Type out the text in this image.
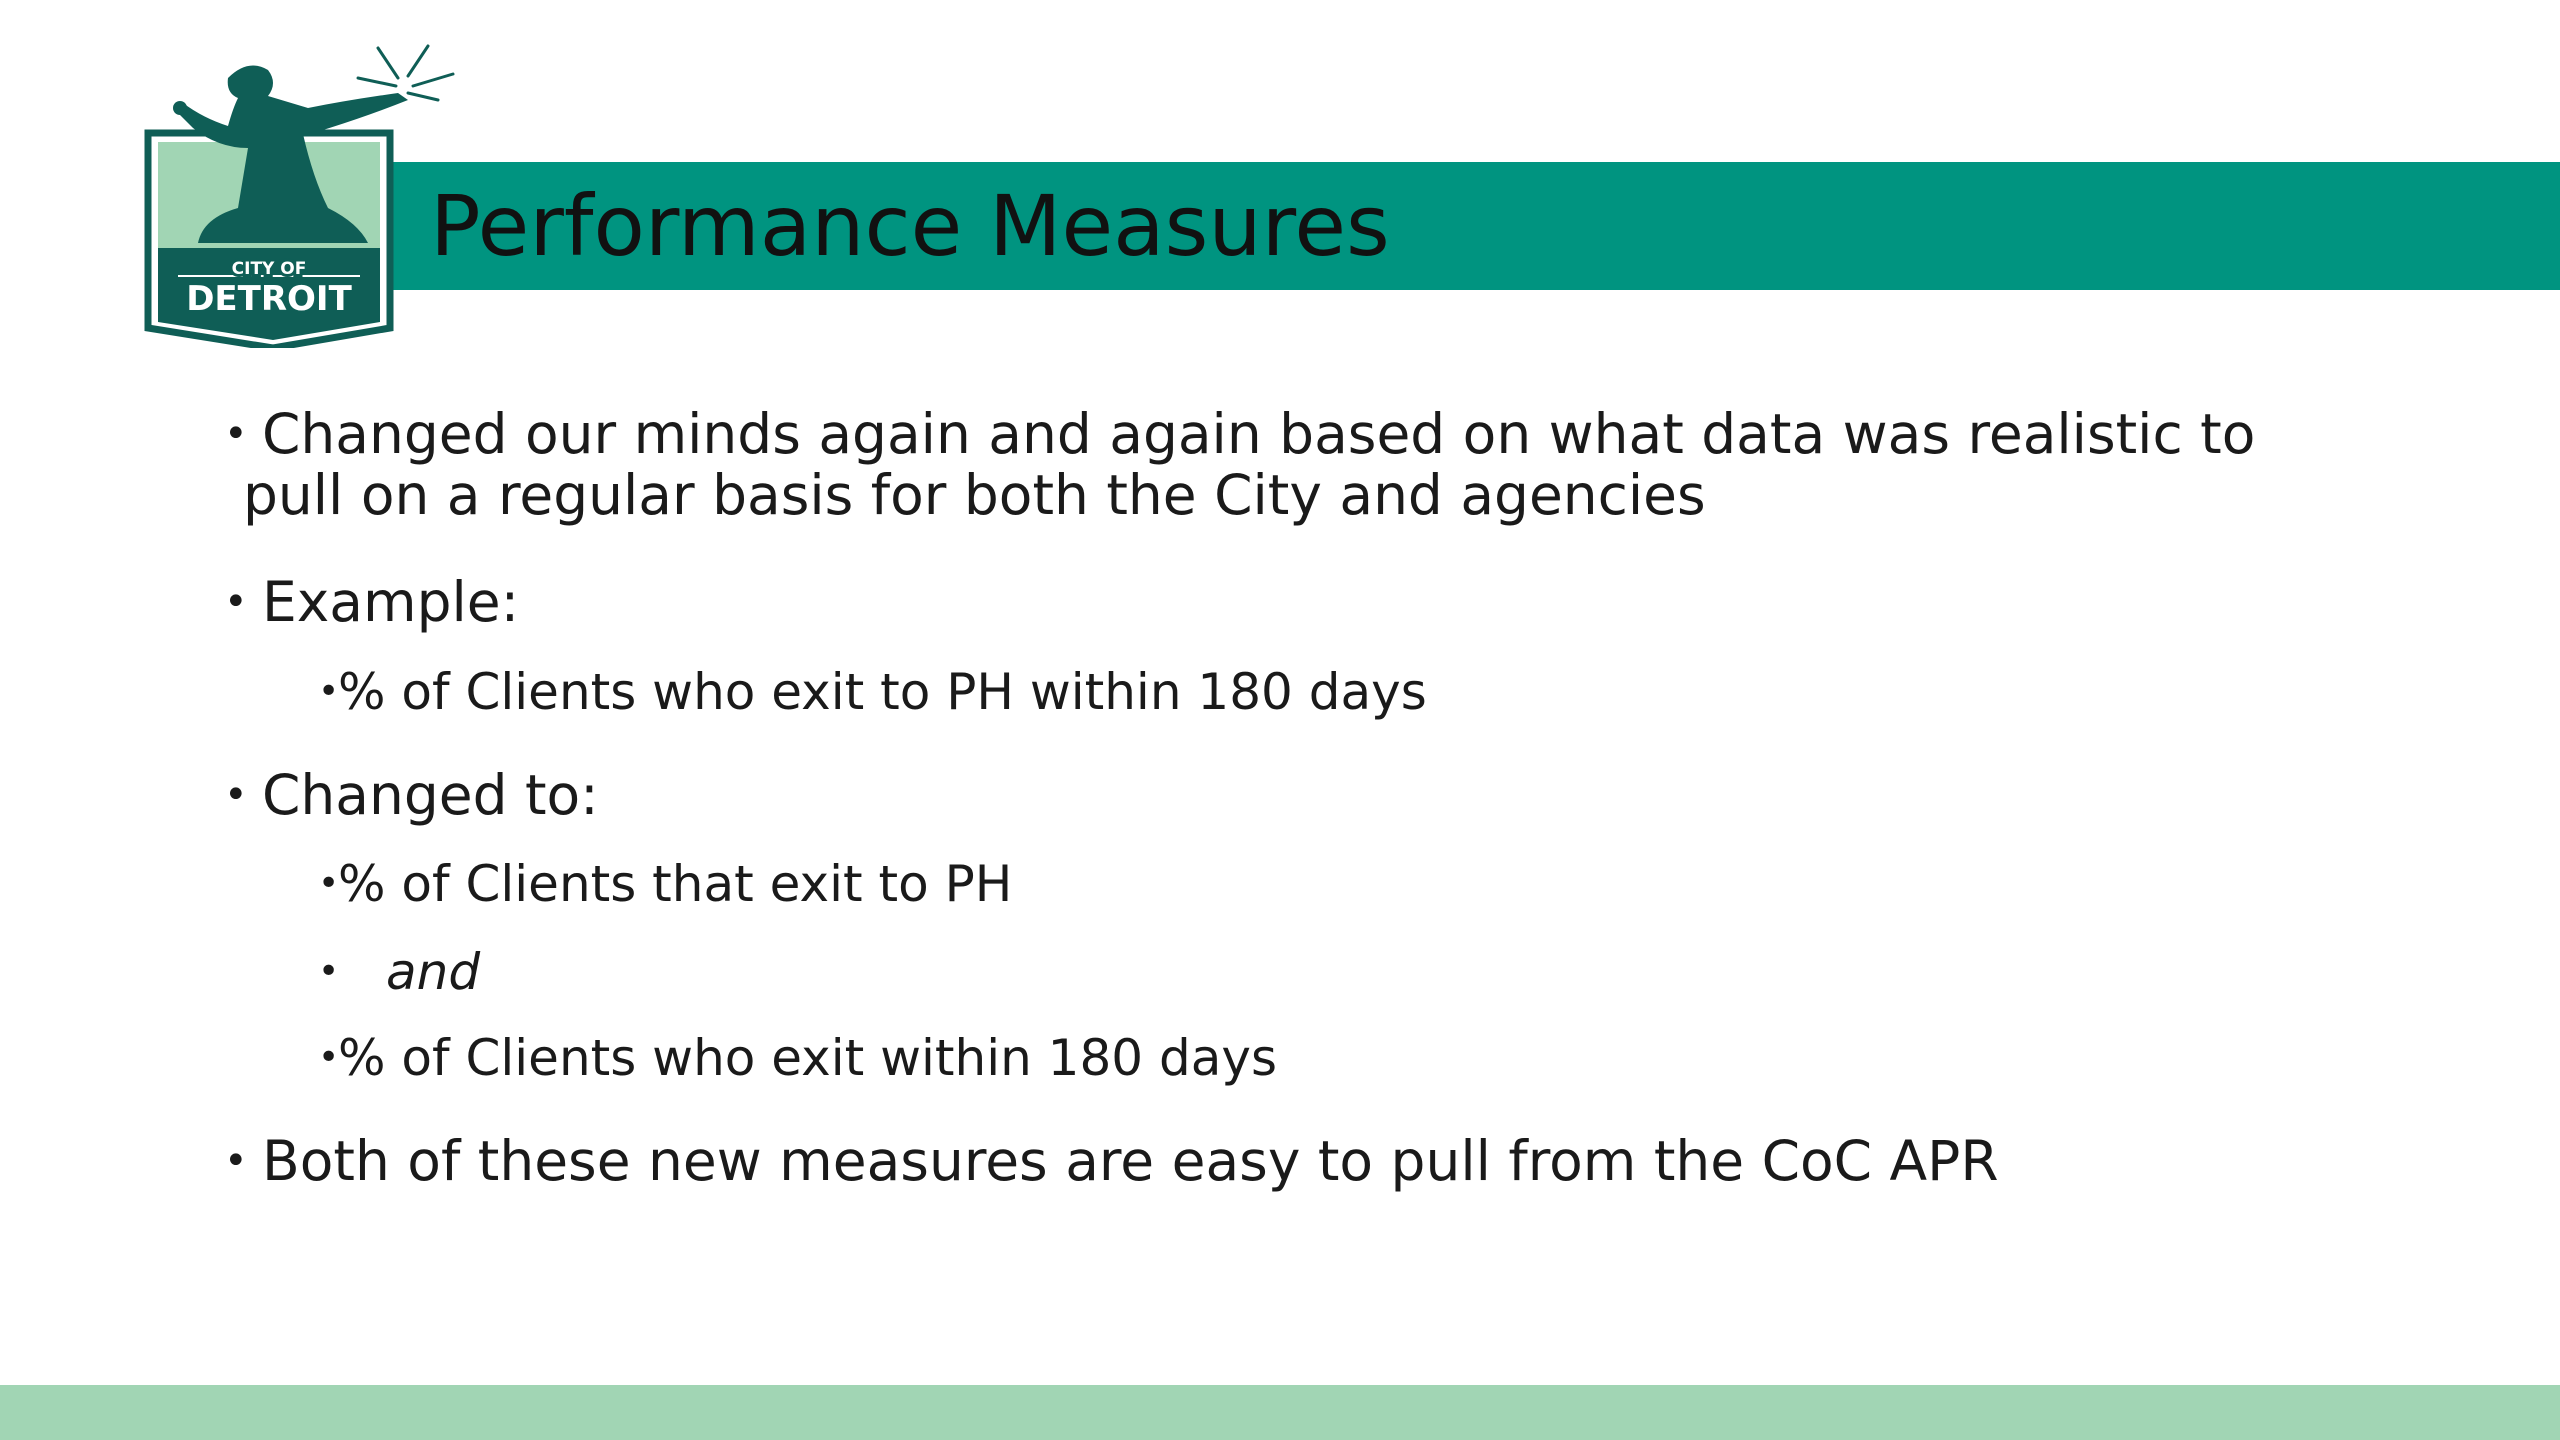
CITY OF
DETROIT
Performance Measures
• Changed our minds again and again based on what data was realistic to
pull on a regular basis for both the City and agencies
• Example:
•
% of Clients who exit to PH within 180 days
• Changed to:
•
% of Clients that exit to PH
• and
•
% of Clients who exit within 180 days
• Both of these new measures are easy to pull from the CoC APR
